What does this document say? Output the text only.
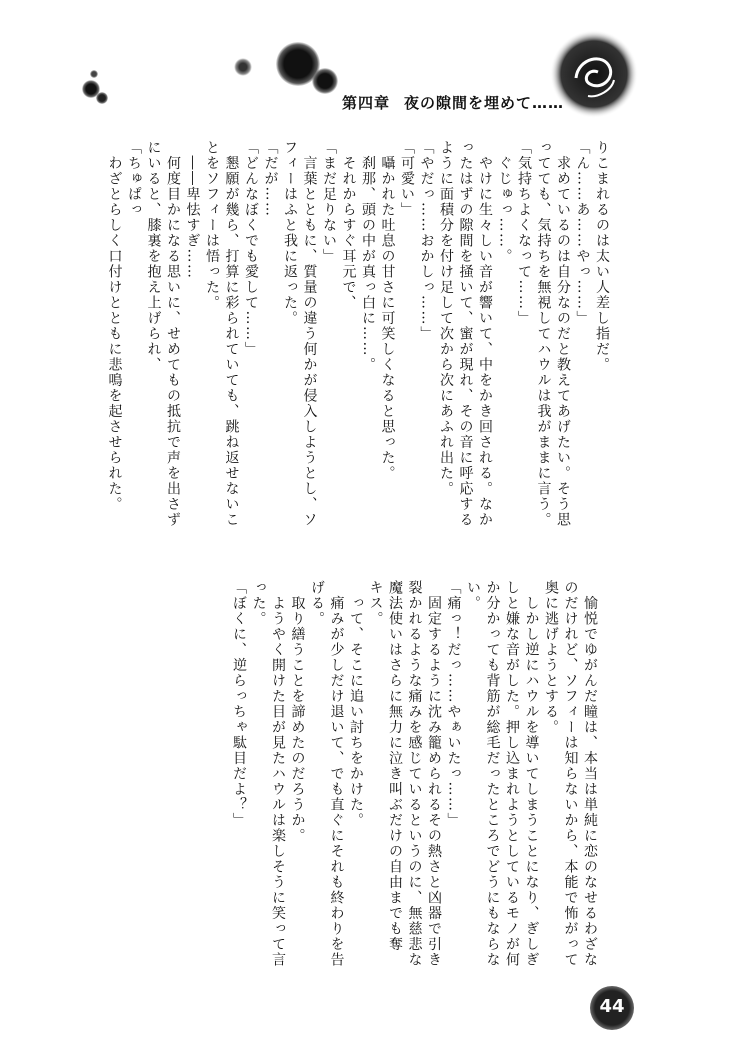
第四章 夜の隙間を埋めて……

りこまれるのは太い人差し指だ。

「ん……あ……やっ……」

　求めているのは自分なのだと教えてあげたい。そう思

ってても、気持ちを無視してハウルは我がままに言う。

「気持ちよくなって……」

　ぐじゅっ……。

　やけに生々しい音が響いて、中をかき回される。なか

ったはずの隙間を掻いて、蜜が現れ、その音に呼応する

ように面積分を付け足して次から次にあふれ出た。

「やだっ……おかしっ……」

「可愛い」

　囁かれた吐息の甘さに可笑しくなると思った。

　刹那、頭の中が真っ白に……。

　それからすぐ耳元で、

「まだ足りない」

　言葉とともに、質量の違う何かが侵入しようとし、ソ

フィーはふと我に返った。

「だが……

「どんなぼくでも愛して……」

　懇願が幾ら、打算に彩られていても、跳ね返せないこ

とをソフィーは悟った。

　――卑怯すぎ……

　何度目かになる思いに、せめてもの抵抗で声を出さず

にいると、膝裏を抱え上げられ、

「ちゅぱっ

　わざとらしく口付けとともに悲鳴を起させられた。

　愉悦でゆがんだ瞳は、本当は単純に恋のなせるわざな

のだけれど、ソフィーは知らないから、本能で怖がって

奥に逃げようとする。

　しかし逆にハウルを導いてしまうことになり、ぎしぎ

しと嫌な音がした。押し込まれようとしているモノが何

か分かっても背筋が総毛だったところでどうにもならな

い。

「痛っ！だっ……やぁいたっ……」

　固定するように沈み籠められるその熱さと凶器で引き

裂かれるような痛みを感じているというのに、無慈悲な

魔法使いはさらに無力に泣き叫ぶだけの自由までも奪

キス。

　って、そこに追い討ちをかけた。

　痛みが少しだけ退いて、でも直ぐにそれも終わりを告

げる。

　取り繕うことを諦めたのだろうか。

　ようやく開けた目が見たハウルは楽しそうに笑って言

った。

「ぼくに、逆らっちゃ駄目だよ？」

44
